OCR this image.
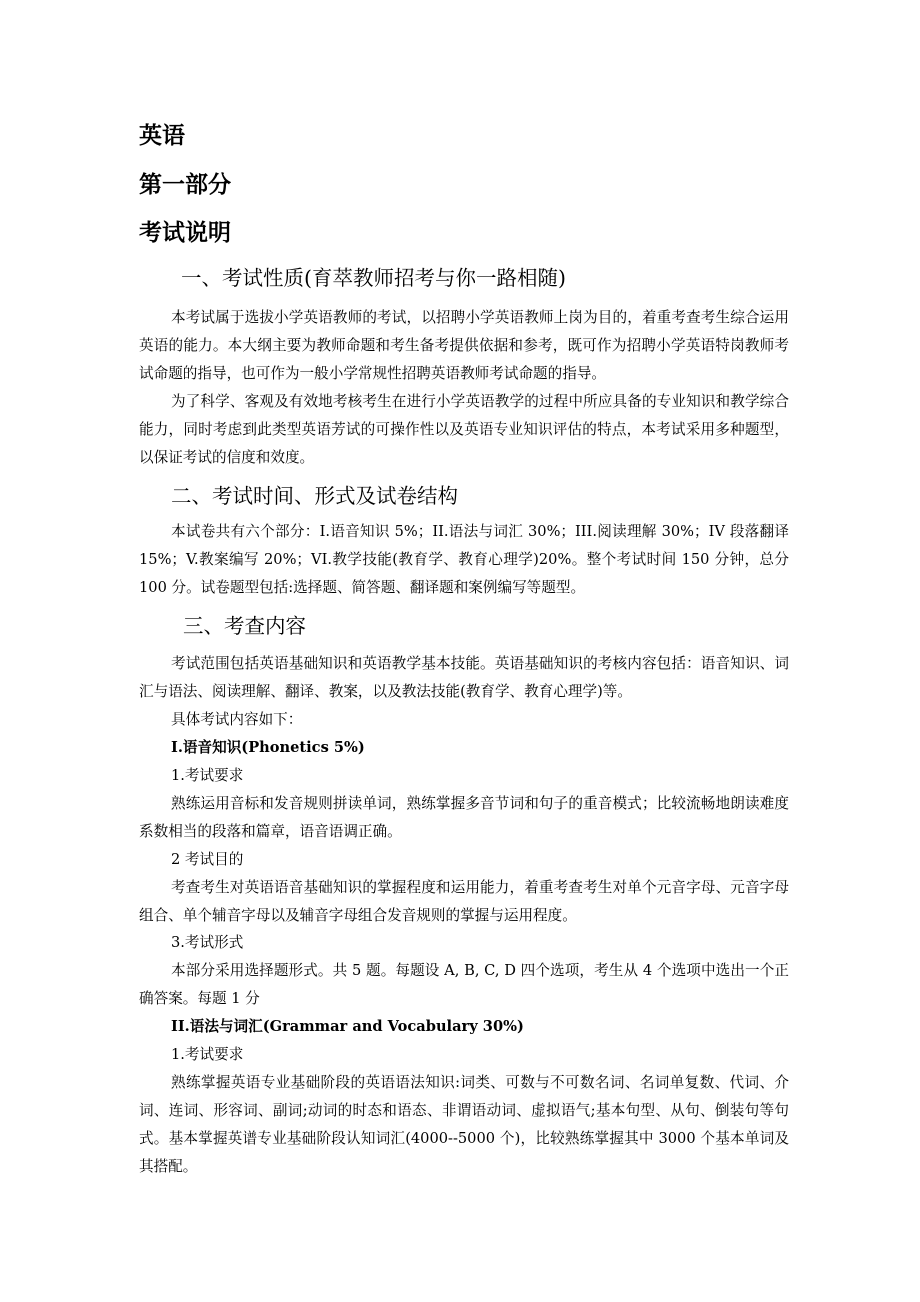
英语
第一部分
考试说明
一、考试性质(育萃教师招考与你一路相随)

本考试属于选拔小学英语教师的考试，以招聘小学英语教师上岗为目的，着重考查考生综合运用英语的能力。本大纲主要为教师命题和考生备考提供依据和参考，既可作为招聘小学英语特岗教师考试命题的指导，也可作为一般小学常规性招聘英语教师考试命题的指导。

为了科学、客观及有效地考核考生在进行小学英语教学的过程中所应具备的专业知识和教学综合能力，同时考虑到此类型英语芳试的可操作性以及英语专业知识评估的特点，本考试采用多种题型，以保证考试的信度和效度。

二、考试时间、形式及试卷结构

本试卷共有六个部分：I.语音知识 5%；II.语法与词汇 30%；III.阅读理解 30%；IV 段落翻译 15%；V.教案编写 20%；VI.教学技能(教育学、教育心理学)20%。整个考试时间 150 分钟，总分 100 分。试卷题型包括:选择题、简答题、翻译题和案例编写等题型。

三、考查内容

考试范围包括英语基础知识和英语教学基本技能。英语基础知识的考核内容包括：语音知识、词汇与语法、阅读理解、翻译、教案，以及教法技能(教育学、教育心理学)等。

具体考试内容如下：
I.语音知识(Phonetics 5%)
1.考试要求

熟练运用音标和发音规则拼读单词，熟练掌握多音节词和句子的重音模式；比较流畅地朗读难度系数相当的段落和篇章，语音语调正确。

2 考试目的

考查考生对英语语音基础知识的掌握程度和运用能力，着重考查考生对单个元音字母、元音字母组合、单个辅音字母以及辅音字母组合发音规则的掌握与运用程度。

3.考试形式

本部分采用选择题形式。共 5 题。每题设 A, B, C, D 四个选项，考生从 4 个选项中选出一个正确答案。每题 1 分

II.语法与词汇(Grammar and Vocabulary 30%)
1.考试要求

熟练掌握英语专业基础阶段的英语语法知识:词类、可数与不可数名词、名词单复数、代词、介词、连词、形容词、副词;动词的时态和语态、非谓语动词、虚拟语气;基本句型、从句、倒装句等句式。基本掌握英谱专业基础阶段认知词汇(4000--5000 个)，比较熟练掌握其中 3000 个基本单词及其搭配。
